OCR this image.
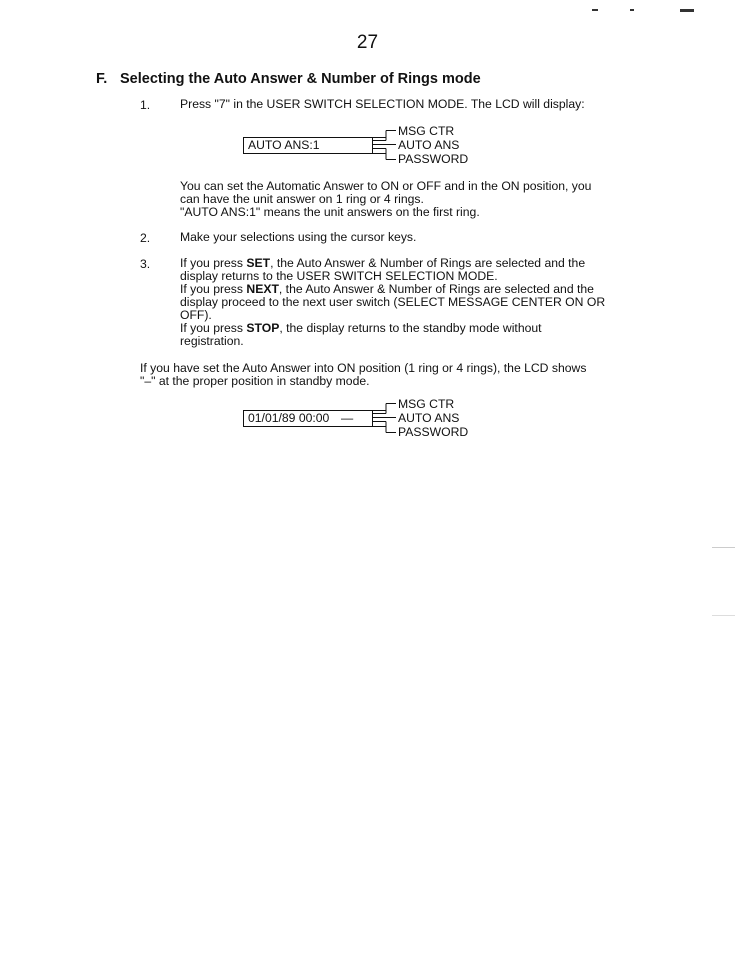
27
F. Selecting the Auto Answer & Number of Rings mode
1. Press "7" in the USER SWITCH SELECTION MODE. The LCD will display:
AUTO ANS:1
MSG CTR
AUTO ANS
PASSWORD
You can set the Automatic Answer to ON or OFF and in the ON position, you
can have the unit answer on 1 ring or 4 rings.
"AUTO ANS:1" means the unit answers on the first ring.
2. Make your selections using the cursor keys.
3. If you press SET, the Auto Answer & Number of Rings are selected and the
display returns to the USER SWITCH SELECTION MODE.
If you press NEXT, the Auto Answer & Number of Rings are selected and the
display proceed to the next user switch (SELECT MESSAGE CENTER ON OR
OFF).
If you press STOP, the display returns to the standby mode without
registration.
If you have set the Auto Answer into ON position (1 ring or 4 rings), the LCD shows
"–" at the proper position in standby mode.
01/01/89 00:00 —
MSG CTR
AUTO ANS
PASSWORD
